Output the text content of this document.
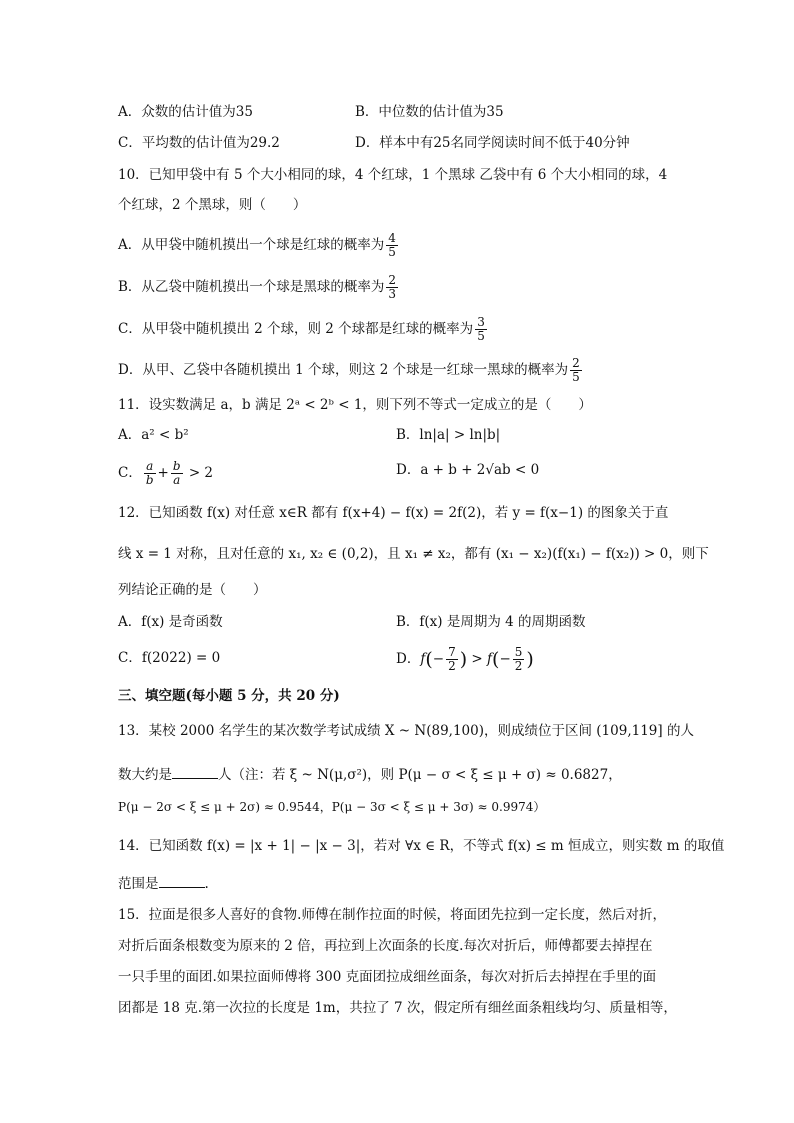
A．众数的估计值为35	B．中位数的估计值为35
C．平均数的估计值为29.2	D．样本中有25名同学阅读时间不低于40分钟
10．已知甲袋中有 5 个大小相同的球，4 个红球，1 个黑球 乙袋中有 6 个大小相同的球，4
个红球，2 个黑球，则（　　）
A．从甲袋中随机摸出一个球是红球的概率为 $\frac{4}{5}$
B．从乙袋中随机摸出一个球是黑球的概率为 $\frac{2}{3}$
C．从甲袋中随机摸出 2 个球，则 2 个球都是红球的概率为 $\frac{3}{5}$
D．从甲、乙袋中各随机摸出 1 个球，则这 2 个球是一红球一黑球的概率为 $\frac{2}{5}$
11．设实数满足 a，b 满足 2ᵃ < 2ᵇ < 1，则下列不等式一定成立的是（　　）
A．a² < b²	B．ln|a| > ln|b|
C． $\frac{a}{b} + \frac{b}{a} > 2$	D．a + b + 2√ab < 0
12．已知函数 f(x) 对任意 x∈R 都有 f(x+4) − f(x) = 2f(2)，若 y = f(x−1) 的图象关于直
线 x = 1 对称，且对任意的 x₁, x₂ ∈ (0,2)，且 x₁ ≠ x₂，都有 (x₁ − x₂)(f(x₁) − f(x₂)) > 0，则下
列结论正确的是（　　）
A．f(x) 是奇函数	B．f(x) 是周期为 4 的周期函数
C．f(2022) = 0	D．$f(- \frac{7}{2}$ ) > $f(- \frac{5}{2}$ )
三、填空题(每小题 5 分，共 20 分)
13．某校 2000 名学生的某次数学考试成绩 X ~ N(89,100)，则成绩位于区间 (109,119] 的人
数大约是	人（注：若 ξ ~ N(μ,σ²)，则 P(μ − σ < ξ ≤ μ + σ) ≈ 0.6827，
P(μ − 2σ < ξ ≤ μ + 2σ) ≈ 0.9544，P(μ − 3σ < ξ ≤ μ + 3σ) ≈ 0.9974）
14．已知函数 f(x) = |x + 1| − |x − 3|，若对 ∀x ∈ R，不等式 f(x) ≤ m 恒成立，则实数 m 的取值
范围是	.
15．拉面是很多人喜好的食物.师傅在制作拉面的时候，将面团先拉到一定长度，然后对折，
对折后面条根数变为原来的 2 倍，再拉到上次面条的长度.每次对折后，师傅都要去掉捏在
一只手里的面团.如果拉面师傅将 300 克面团拉成细丝面条，每次对折后去掉捏在手里的面
团都是 18 克.第一次拉的长度是 1m，共拉了 7 次，假定所有细丝面条粗线均匀、质量相等，
